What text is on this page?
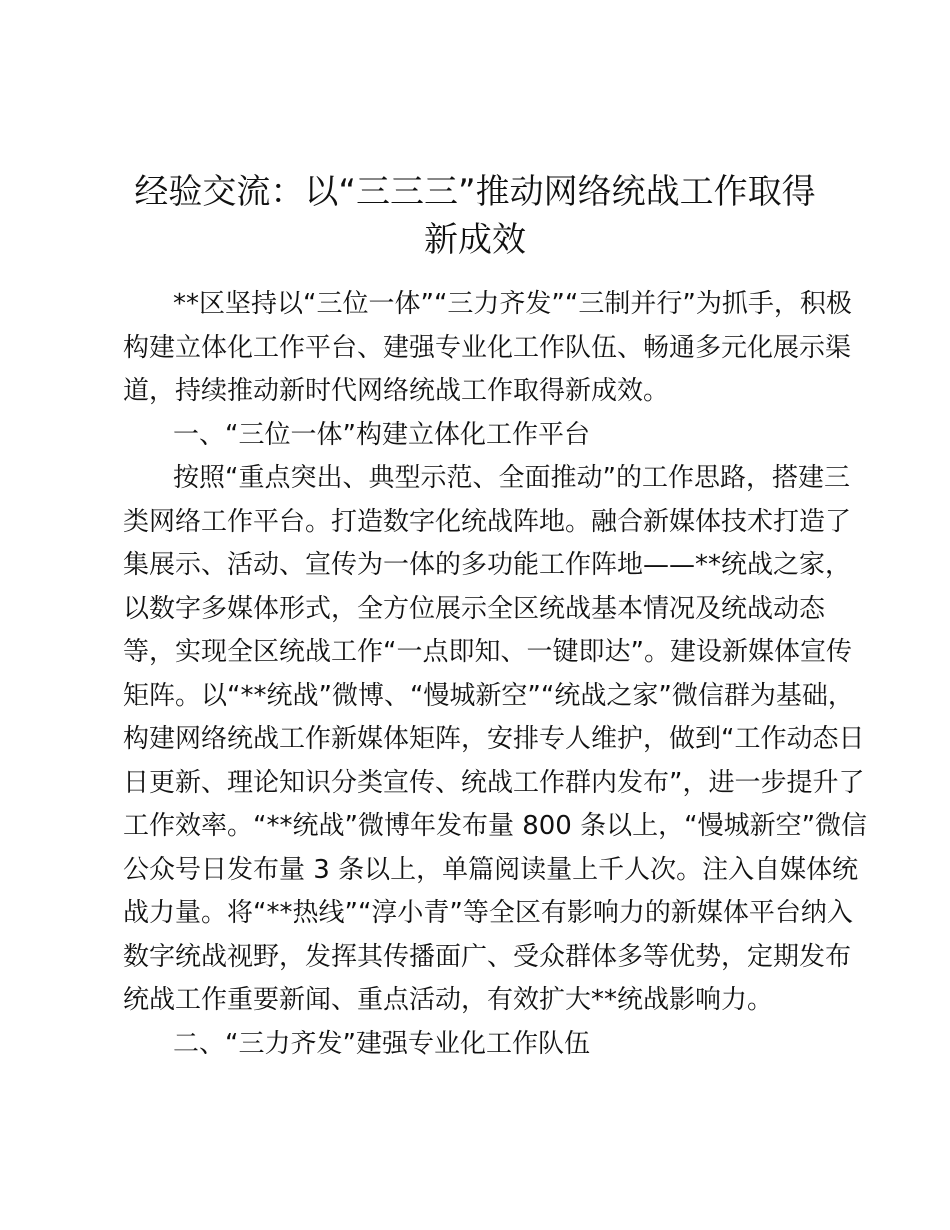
经验交流：以“三三三”推动网络统战工作取得
新成效

**区坚持以“三位一体”“三力齐发”“三制并行”为抓手，积极

构建立体化工作平台、建强专业化工作队伍、畅通多元化展示渠

道，持续推动新时代网络统战工作取得新成效。

一、“三位一体”构建立体化工作平台

按照“重点突出、典型示范、全面推动”的工作思路，搭建三

类网络工作平台。打造数字化统战阵地。融合新媒体技术打造了

集展示、活动、宣传为一体的多功能工作阵地——**统战之家，

以数字多媒体形式，全方位展示全区统战基本情况及统战动态

等，实现全区统战工作“一点即知、一键即达”。建设新媒体宣传

矩阵。以“**统战”微博、“慢城新空”“统战之家”微信群为基础，

构建网络统战工作新媒体矩阵，安排专人维护，做到“工作动态日

日更新、理论知识分类宣传、统战工作群内发布”，进一步提升了

工作效率。“**统战”微博年发布量 800 条以上，“慢城新空”微信

公众号日发布量 3 条以上，单篇阅读量上千人次。注入自媒体统

战力量。将“**热线”“淳小青”等全区有影响力的新媒体平台纳入

数字统战视野，发挥其传播面广、受众群体多等优势，定期发布

统战工作重要新闻、重点活动，有效扩大**统战影响力。

二、“三力齐发”建强专业化工作队伍
